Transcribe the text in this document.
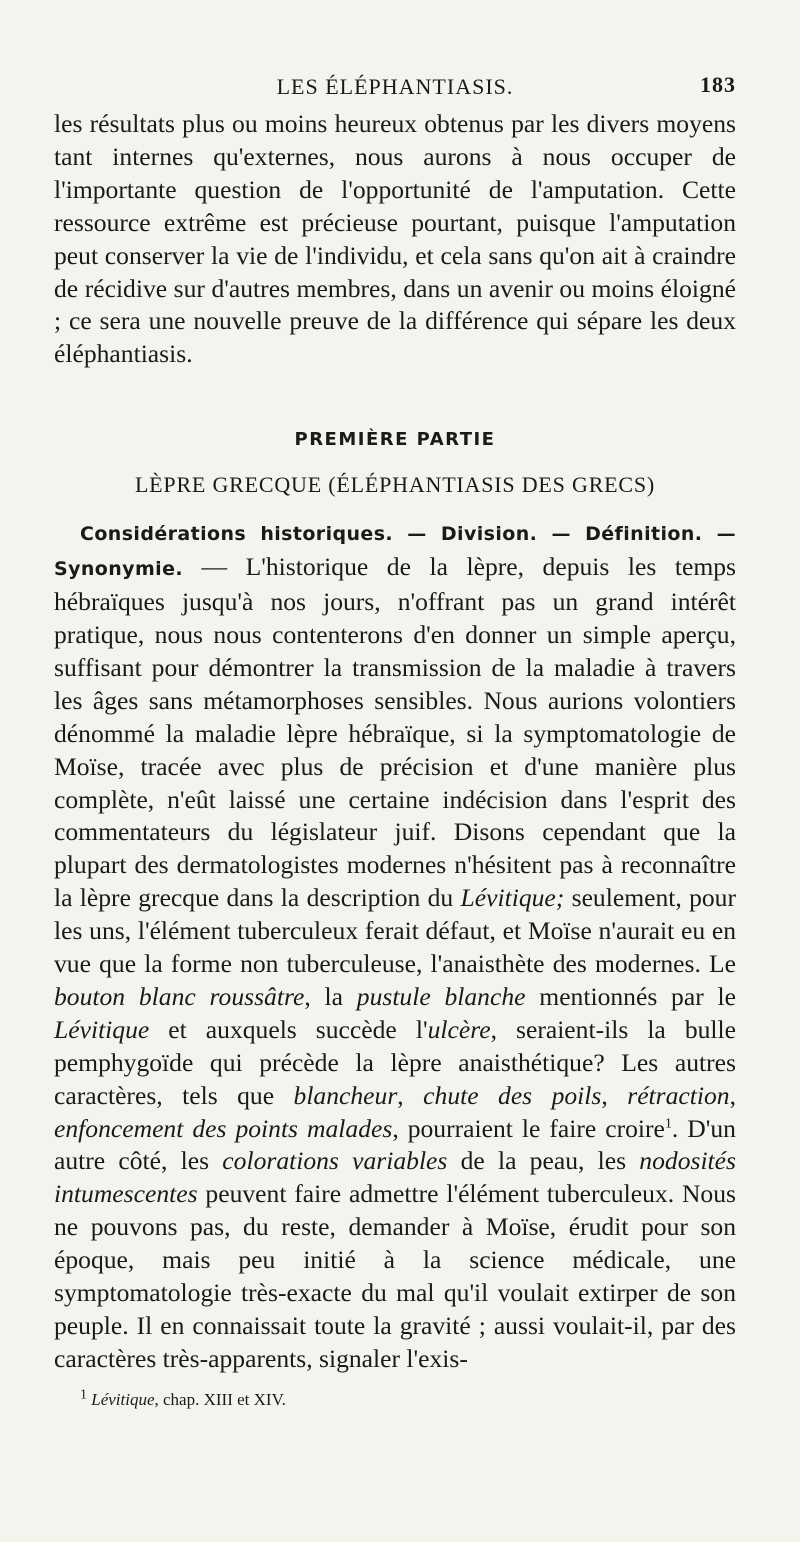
LES ÉLÉPHANTIASIS.	183

les résultats plus ou moins heureux obtenus par les divers moyens tant internes qu'externes, nous aurons à nous occuper de l'importante question de l'opportunité de l'amputation. Cette ressource extrême est précieuse pourtant, puisque l'amputation peut conserver la vie de l'individu, et cela sans qu'on ait à craindre de récidive sur d'autres membres, dans un avenir ou moins éloigné ; ce sera une nouvelle preuve de la différence qui sépare les deux éléphantiasis.

PREMIÈRE PARTIE
LÈPRE GRECQUE (ÉLÉPHANTIASIS DES GRECS)

Considérations historiques. — Division. — Définition. — Synonymie. — L'historique de la lèpre, depuis les temps hébraïques jusqu'à nos jours, n'offrant pas un grand intérêt pratique, nous nous contenterons d'en donner un simple aperçu, suffisant pour démontrer la transmission de la maladie à travers les âges sans métamorphoses sensibles. Nous aurions volontiers dénommé la maladie lèpre hébraïque, si la symptomatologie de Moïse, tracée avec plus de précision et d'une manière plus complète, n'eût laissé une certaine indécision dans l'esprit des commentateurs du législateur juif. Disons cependant que la plupart des dermatologistes modernes n'hésitent pas à reconnaître la lèpre grecque dans la description du Lévitique; seulement, pour les uns, l'élément tuberculeux ferait défaut, et Moïse n'aurait eu en vue que la forme non tuberculeuse, l'anaisthète des modernes. Le bouton blanc roussâtre, la pustule blanche mentionnés par le Lévitique et auxquels succède l'ulcère, seraient-ils la bulle pemphygoïde qui précède la lèpre anaisthétique? Les autres caractères, tels que blancheur, chute des poils, rétraction, enfoncement des points malades, pourraient le faire croire$^1$. D'un autre côté, les colorations variables de la peau, les nodosités intumescentes peuvent faire admettre l'élément tuberculeux. Nous ne pouvons pas, du reste, demander à Moïse, érudit pour son époque, mais peu initié à la science médicale, une symptomatologie très-exacte du mal qu'il voulait extirper de son peuple. Il en connaissait toute la gravité ; aussi voulait-il, par des caractères très-apparents, signaler l'exis-

$^1$ Lévitique, chap. XIII et XIV.
